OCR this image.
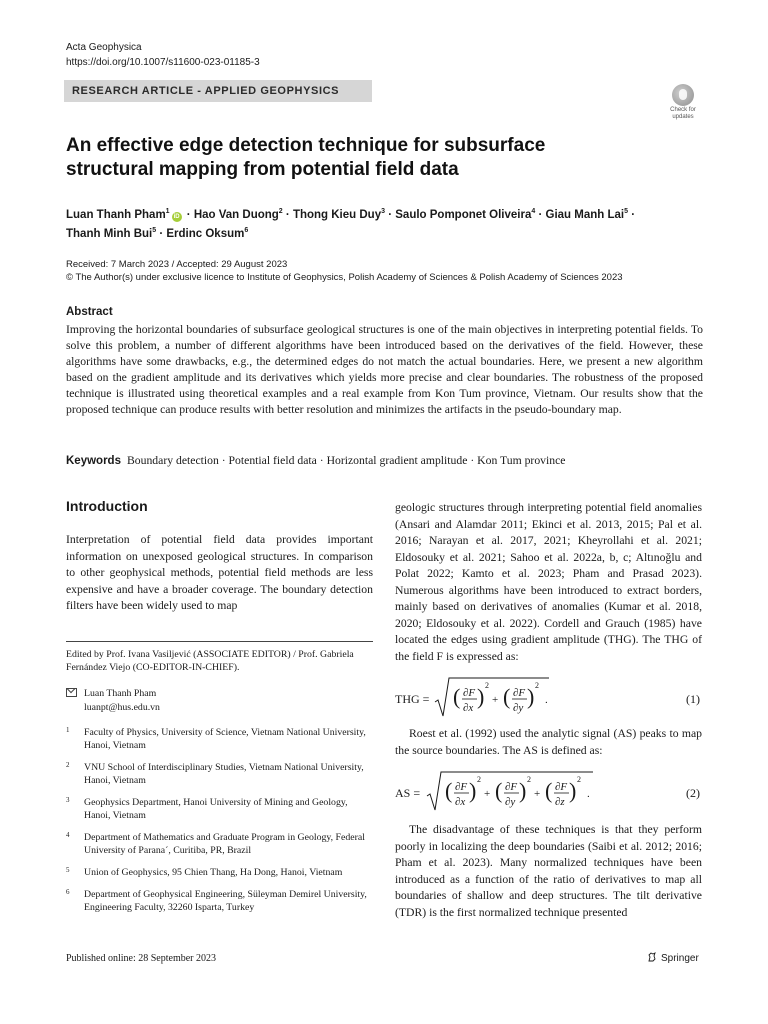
Acta Geophysica
https://doi.org/10.1007/s11600-023-01185-3
RESEARCH ARTICLE - APPLIED GEOPHYSICS
Check for
updates
An effective edge detection technique for subsurface structural mapping from potential field data
Luan Thanh Pham$^1$iD · Hao Van Duong$^2$ · Thong Kieu Duy$^3$ · Saulo Pomponet Oliveira$^4$ · Giau Manh Lai$^5$ ·
Thanh Minh Bui$^5$ · Erdinc Oksum$^6$
Received: 7 March 2023 / Accepted: 29 August 2023
© The Author(s) under exclusive licence to Institute of Geophysics, Polish Academy of Sciences & Polish Academy of Sciences 2023
Abstract
Improving the horizontal boundaries of subsurface geological structures is one of the main objectives in interpreting potential fields. To solve this problem, a number of different algorithms have been introduced based on the derivatives of the field. However, these algorithms have some drawbacks, e.g., the determined edges do not match the actual boundaries. Here, we present a new algorithm based on the gradient amplitude and its derivatives which yields more precise and clear boundaries. The robustness of the proposed technique is illustrated using theoretical examples and a real example from Kon Tum province, Vietnam. Our results show that the proposed technique can produce results with better resolution and minimizes the artifacts in the pseudo-boundary map.
Keywords Boundary detection · Potential field data · Horizontal gradient amplitude · Kon Tum province
Introduction
Interpretation of potential field data provides important information on unexposed geological structures. In comparison to other geophysical methods, potential field methods are less expensive and have a broader coverage. The boundary detection filters have been widely used to map
Edited by Prof. Ivana Vasiljević (ASSOCIATE EDITOR) / Prof. Gabriela Fernández Viejo (CO-EDITOR-IN-CHIEF).
Luan Thanh Pham
luanpt@hus.edu.vn
1 Faculty of Physics, University of Science, Vietnam National University, Hanoi, Vietnam
2 VNU School of Interdisciplinary Studies, Vietnam National University, Hanoi, Vietnam
3 Geophysics Department, Hanoi University of Mining and Geology, Hanoi, Vietnam
4 Department of Mathematics and Graduate Program in Geology, Federal University of Parana´, Curitiba, PR, Brazil
5 Union of Geophysics, 95 Chien Thang, Ha Dong, Hanoi, Vietnam
6 Department of Geophysical Engineering, Süleyman Demirel University, Engineering Faculty, 32260 Isparta, Turkey
geologic structures through interpreting potential field anomalies (Ansari and Alamdar 2011; Ekinci et al. 2013, 2015; Pal et al. 2016; Narayan et al. 2017, 2021; Kheyrollahi et al. 2021; Eldosouky et al. 2021; Sahoo et al. 2022a, b, c; Altınoğlu and Polat 2022; Kamto et al. 2023; Pham and Prasad 2023). Numerous algorithms have been introduced to extract borders, mainly based on derivatives of anomalies (Kumar et al. 2018, 2020; Eldosouky et al. 2022). Cordell and Grauch (1985) have located the edges using gradient amplitude (THG). The THG of the field F is expressed as:
THG = ( ∂F
∂x ) 2
+ ( ∂F
∂y ) 2
.	(1)
Roest et al. (1992) used the analytic signal (AS) peaks to map the source boundaries. The AS is defined as:
AS = ( ∂F
∂x ) 2
+ ( ∂F
∂y ) 2
+ ( ∂F
∂z ) 2
.	(2)
The disadvantage of these techniques is that they perform poorly in localizing the deep boundaries (Saibi et al. 2012; 2016; Pham et al. 2023). Many normalized techniques have been introduced as a function of the ratio of derivatives to map all boundaries of shallow and deep structures. The tilt derivative (TDR) is the first normalized technique presented
Published online: 28 September 2023	Springer
